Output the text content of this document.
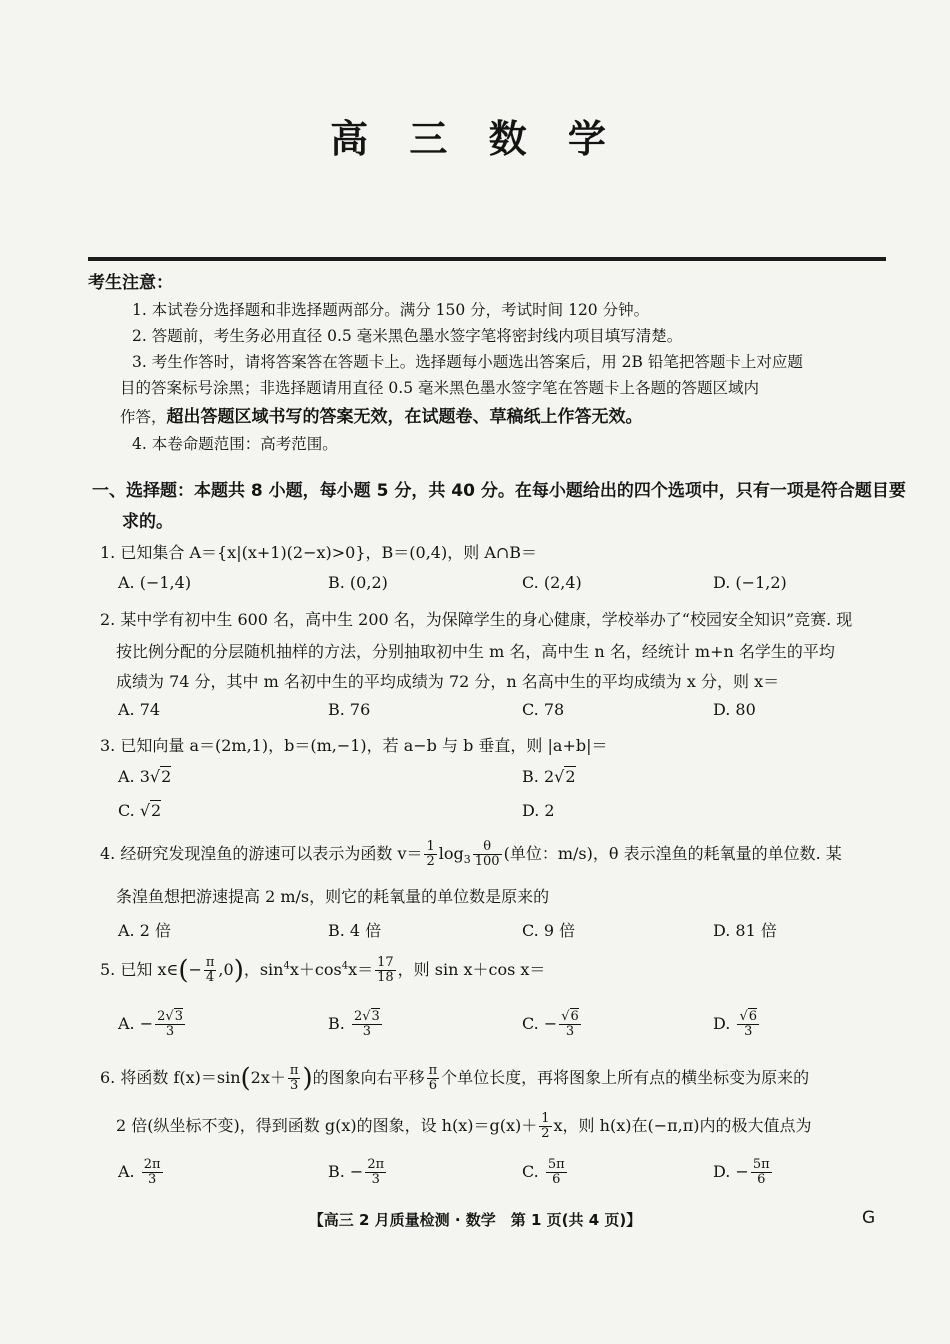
高 三 数 学
考生注意：
1. 本试卷分选择题和非选择题两部分。满分 150 分，考试时间 120 分钟。
2. 答题前，考生务必用直径 0.5 毫米黑色墨水签字笔将密封线内项目填写清楚。
3. 考生作答时，请将答案答在答题卡上。选择题每小题选出答案后，用 2B 铅笔把答题卡上对应题
目的答案标号涂黑；非选择题请用直径 0.5 毫米黑色墨水签字笔在答题卡上各题的答题区域内
作答，超出答题区域书写的答案无效，在试题卷、草稿纸上作答无效。
4. 本卷命题范围：高考范围。
一、选择题：本题共 8 小题，每小题 5 分，共 40 分。在每小题给出的四个选项中，只有一项是符合题目要
求的。
1. 已知集合 A＝{x|(x+1)(2−x)>0}，B＝(0,4)，则 A∩B＝
A. (−1,4)	B. (0,2)	C. (2,4)	D. (−1,2)
2. 某中学有初中生 600 名，高中生 200 名，为保障学生的身心健康，学校举办了“校园安全知识”竞赛. 现
按比例分配的分层随机抽样的方法，分别抽取初中生 m 名，高中生 n 名，经统计 m+n 名学生的平均
成绩为 74 分，其中 m 名初中生的平均成绩为 72 分，n 名高中生的平均成绩为 x 分，则 x＝
A. 74	B. 76	C. 78	D. 80
3. 已知向量 a＝(2m,1)，b＝(m,−1)，若 a−b 与 b 垂直，则 |a+b|＝
A. 3√2	B. 2√2
C. √2	D. 2
4. 经研究发现湟鱼的游速可以表示为函数 $v= \frac{1}{2} \log_3 \frac{\theta}{100}$ (单位：m/s)，θ 表示湟鱼的耗氧量的单位数. 某
条湟鱼想把游速提高 2 m/s，则它的耗氧量的单位数是原来的
A. 2 倍	B. 4 倍	C. 9 倍	D. 81 倍
5. 已知 x∈(− $\frac{\pi}{4} ,0$)，$\sin^4x+\cos^4x= \frac{17}{18}$ ，则 sin x＋cos x＝
A. − $\frac{2√3}{3}$	B. $\frac{2√3}{3}$	C. − $\frac{√6}{3}$	D. $\frac{√6}{3}$
6. 将函数 $f(x)=\sin(2x+ \frac{\pi}{3}$ )的图象向右平移 $\frac{\pi}{6}$ 个单位长度，再将图象上所有点的横坐标变为原来的
2 倍(纵坐标不变)，得到函数 g(x)的图象，设 $h(x)=g(x)+ \frac{1}{2}$ x，则 h(x)在(−π,π)内的极大值点为
A. $\frac{2\pi}{3}$	B. − $\frac{2\pi}{3}$	C. $\frac{5\pi}{6}$	D. − $\frac{5\pi}{6}$
【高三 2 月质量检测 · 数学　第 1 页(共 4 页)】	G
